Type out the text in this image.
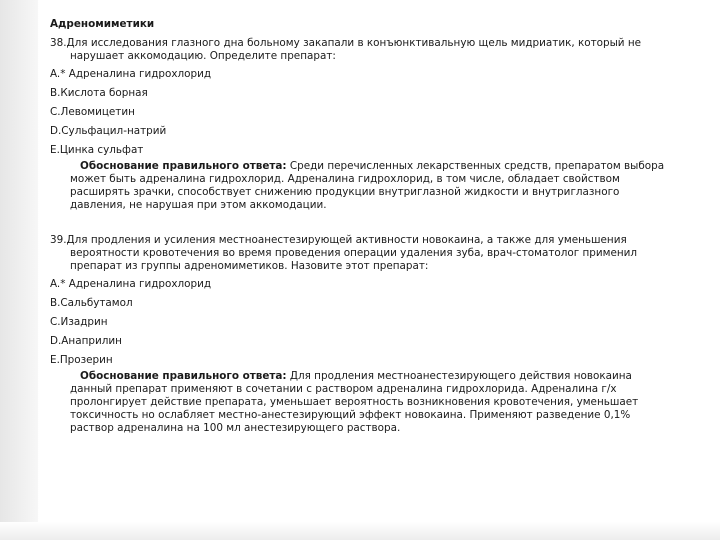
Адреномиметики
38.Для исследования глазного дна больному закапали в конъюнктивальную щель мидриатик, который не
нарушает аккомодацию. Определите препарат:
A.* Адреналина гидрохлорид
B.Кислота борная
C.Левомицетин
D.Сульфацил-натрий
E.Цинка сульфат
Обоснование правильного ответа: Среди перечисленных лекарственных средств, препаратом выбора
может быть адреналина гидрохлорид. Адреналина гидрохлорид, в том числе, обладает свойством
расширять зрачки, способствует снижению продукции внутриглазной жидкости и внутриглазного
давления, не нарушая при этом аккомодации.
39.Для продления и усиления местноанестезирующей активности новокаина, а также для уменьшения
вероятности кровотечения во время проведения операции удаления зуба, врач-стоматолог применил
препарат из группы адреномиметиков. Назовите этот препарат:
A.* Адреналина гидрохлорид
B.Сальбутамол
C.Изадрин
D.Анаприлин
E.Прозерин
Обоснование правильного ответа: Для продления местноанестезирующего действия новокаина
данный препарат применяют в сочетании с раствором адреналина гидрохлорида. Адреналина г/х
пролонгирует действие препарата, уменьшает вероятность возникновения кровотечения, уменьшает
токсичность но ослабляет местно-анестезирующий эффект новокаина. Применяют разведение 0,1%
раствор адреналина на 100 мл анестезирующего раствора.
